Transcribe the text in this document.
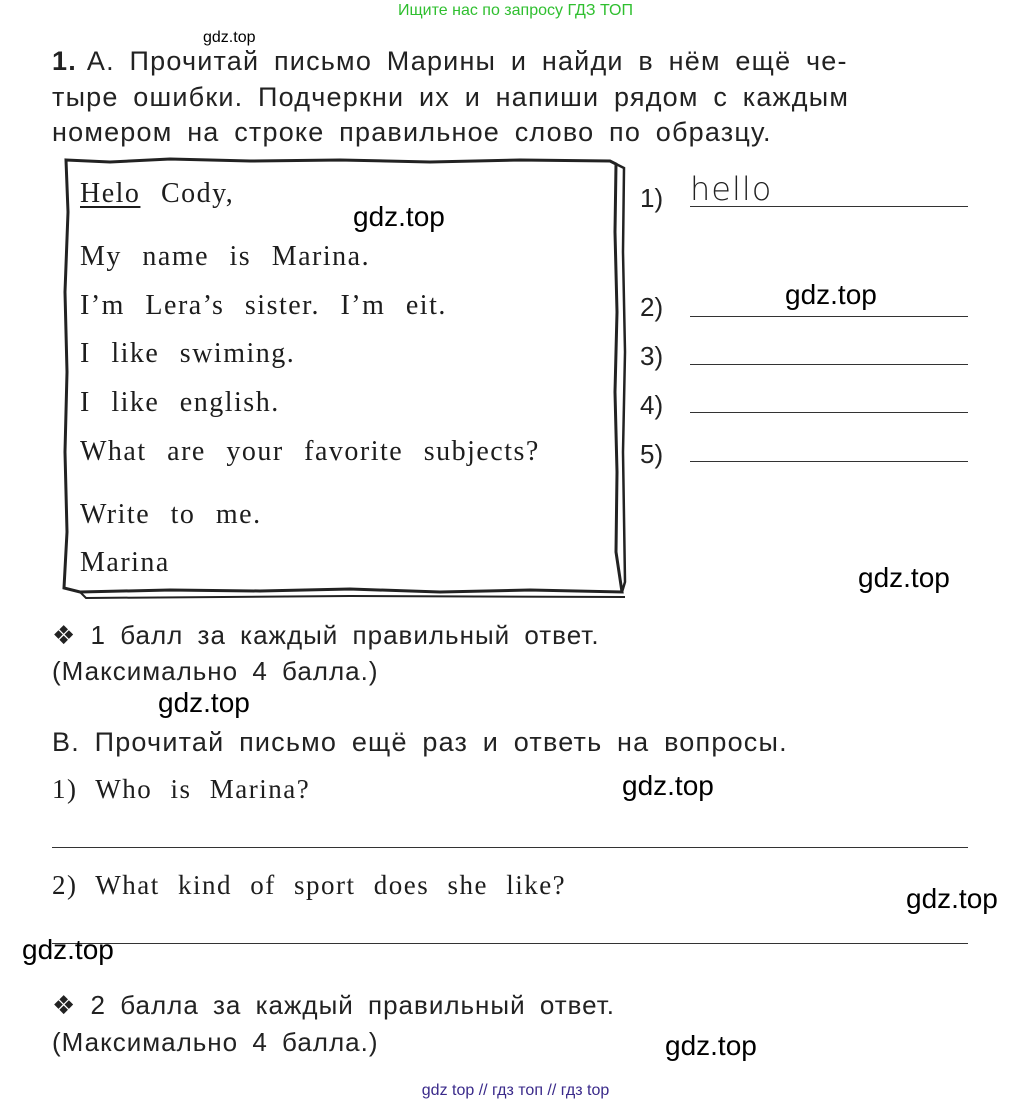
Ищите нас по запросу ГДЗ ТОП
gdz.top
1. А. Прочитай письмо Марины и найди в нём ещё че-
тыре ошибки. Подчеркни их и напиши рядом с каждым
номером на строке правильное слово по образцу.
Helo Cody,
My name is Marina.
I’m Lera’s sister. I’m eit.
I like swiming.
I like english.
What are your favorite subjects?
Write to me.
Marina
1) hello
2)
3)
4)
5)
❖ 1 балл за каждый правильный ответ.
(Максимально 4 балла.)
В. Прочитай письмо ещё раз и ответь на вопросы.
1) Who is Marina?
2) What kind of sport does she like?
❖ 2 балла за каждый правильный ответ.
(Максимально 4 балла.)
gdz.top
gdz.top
gdz.top
gdz.top
gdz.top
gdz.top
gdz.top
gdz.top
gdz top // гдз топ // гдз top
